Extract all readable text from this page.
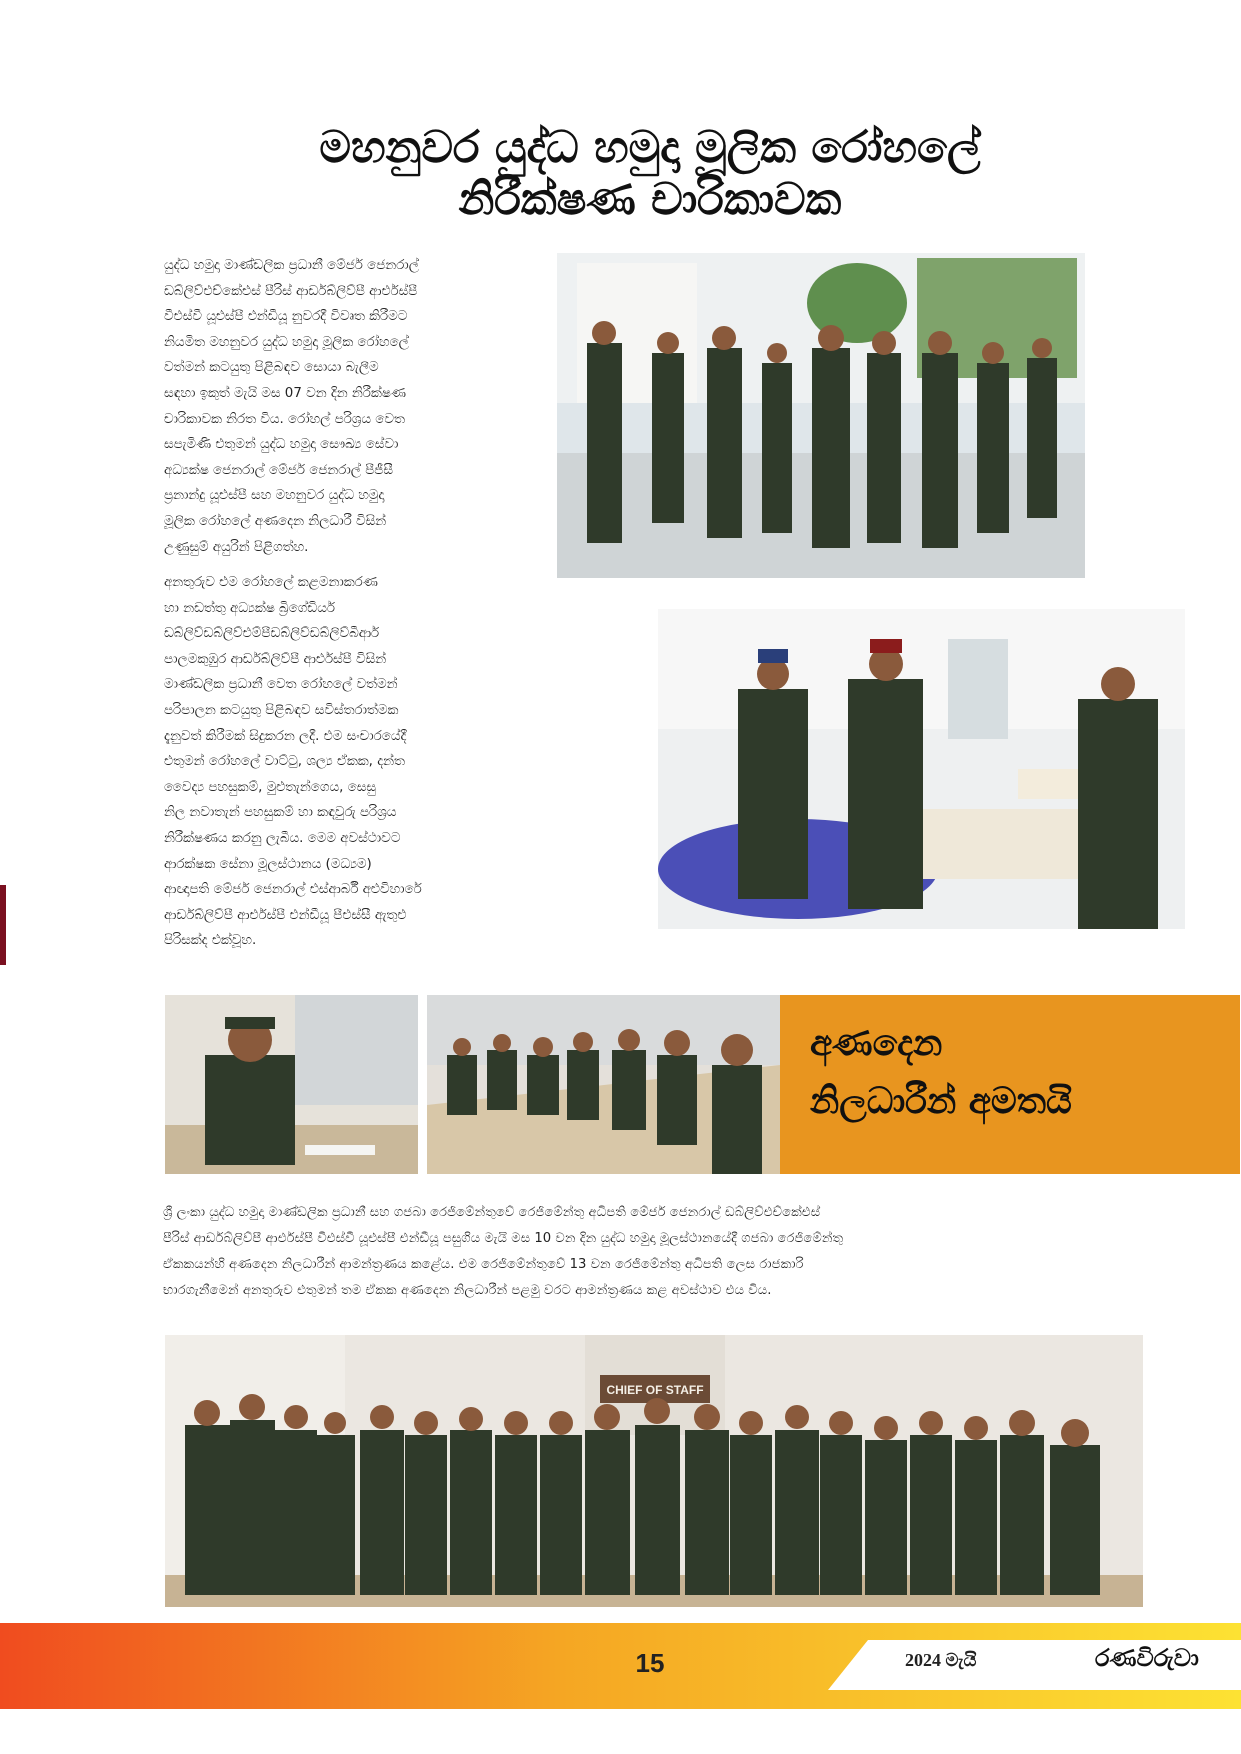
මහනුවර යුද්ධ හමුදා මූලික රෝහලේ
නිරීක්ෂණ චාරිකාවක
යුද්ධ හමුදා මාණ්ඩලික ප්‍රධානී මේජර් ජෙනරාල්
ඩබ්ලිව්එච්කේඑස් පීරිස් ආර්ඩබ්ලිව්පී ආර්එස්පී
වීඑස්වී යූඑස්පී එන්ඩීයූ නුවරදී විවෘත කිරීමට
නියමිත මහනුවර යුද්ධ හමුදා මූලික රෝහලේ
වත්මන් කටයුතු පිළිබඳව සොයා බැලීම
සඳහා ඉකුත් මැයි මස 07 වන දින නිරීක්ෂණ
චාරිකාවක නිරත විය. රෝහල් පරිශ්‍රය වෙත
සපැමිණි එතුමන් යුද්ධ හමුදා සෞඛ්‍ය සේවා
අධ්‍යක්ෂ ජෙනරාල් මේජර් ජෙනරාල් පීජීසී
ප්‍රනාන්දු යූඑස්පී සහ මහනුවර යුද්ධ හමුදා
මූලික රෝහලේ අණදෙන නිලධාරී විසින්
උණුසුම් අයුරින් පිළිගත්හ.
අනතුරුව එම රෝහලේ කළමනාකරණ
හා නඩත්තු අධ්‍යක්ෂ බ්‍රිගේඩියර්
ඩබ්ලිව්ඩබ්ලිව්එම්පීඩබ්ලිව්ඩබ්ලිව්බීආර්
පාලමකුඹුර ආර්ඩබ්ලිව්පී ආර්එස්පී විසින්
මාණ්ඩලික ප්‍රධානී වෙත රෝහලේ වත්මන්
පරිපාලන කටයුතු පිළිබඳව සවිස්තරාත්මක
දැනුවත් කිරීමක් සිදුකරන ලදී. එම සංචාරයේදී
එතුමන් රෝහලේ වාට්ටු, ශල්‍ය ඒකක, දන්ත
වෛද්‍ය පහසුකම්, මුළුතැන්ගෙය, සෙසු
නිල නවාතැන් පහසුකම් හා කඳවුරු පරිශ්‍රය
නිරීක්ෂණය කරනු ලැබීය. මෙම අවස්ථාවට
ආරක්ෂක සේනා මූලස්ථානය (මධ්‍යම)
ආඥාපති මේජර් ජෙනරාල් එස්ආර්බී අළුවිහාරේ
ආර්ඩබ්ලිව්පී ආර්එස්පී එන්ඩීයූ පීඑස්සී ඇතුළු
පිරිසක්ද එක්වූහ.
අණදෙන
නිලධාරීන් අමතයි
ශ්‍රී ලංකා යුද්ධ හමුදා මාණ්ඩලික ප්‍රධානී සහ ගජබා රෙජිමේන්තුවේ රෙජිමේන්තු අධිපති මේජර් ජෙනරාල් ඩබ්ලිව්එච්කේඑස්
පීරිස් ආර්ඩබ්ලිව්පී ආර්එස්පී වීඑස්වී යූඑස්පී එන්ඩීයූ පසුගිය මැයි මස 10 වන දින යුද්ධ හමුදා මූලස්ථානයේදී ගජබා රෙජිමේන්තු
ඒකකයන්හි අණදෙන නිලධාරීන් ආමන්ත්‍රණය කළේය. එම රෙජිමේන්තුවේ 13 වන රෙජිමේන්තු අධිපති ලෙස රාජකාරි
භාරගැනීමෙන් අනතුරුව එතුමන් තම ඒකක අණදෙන නිලධාරීන් පළමු වරට ආමන්ත්‍රණය කළ අවස්ථාව එය විය.
CHIEF OF STAFF
15	2024 මැයි	රණවිරුවා
